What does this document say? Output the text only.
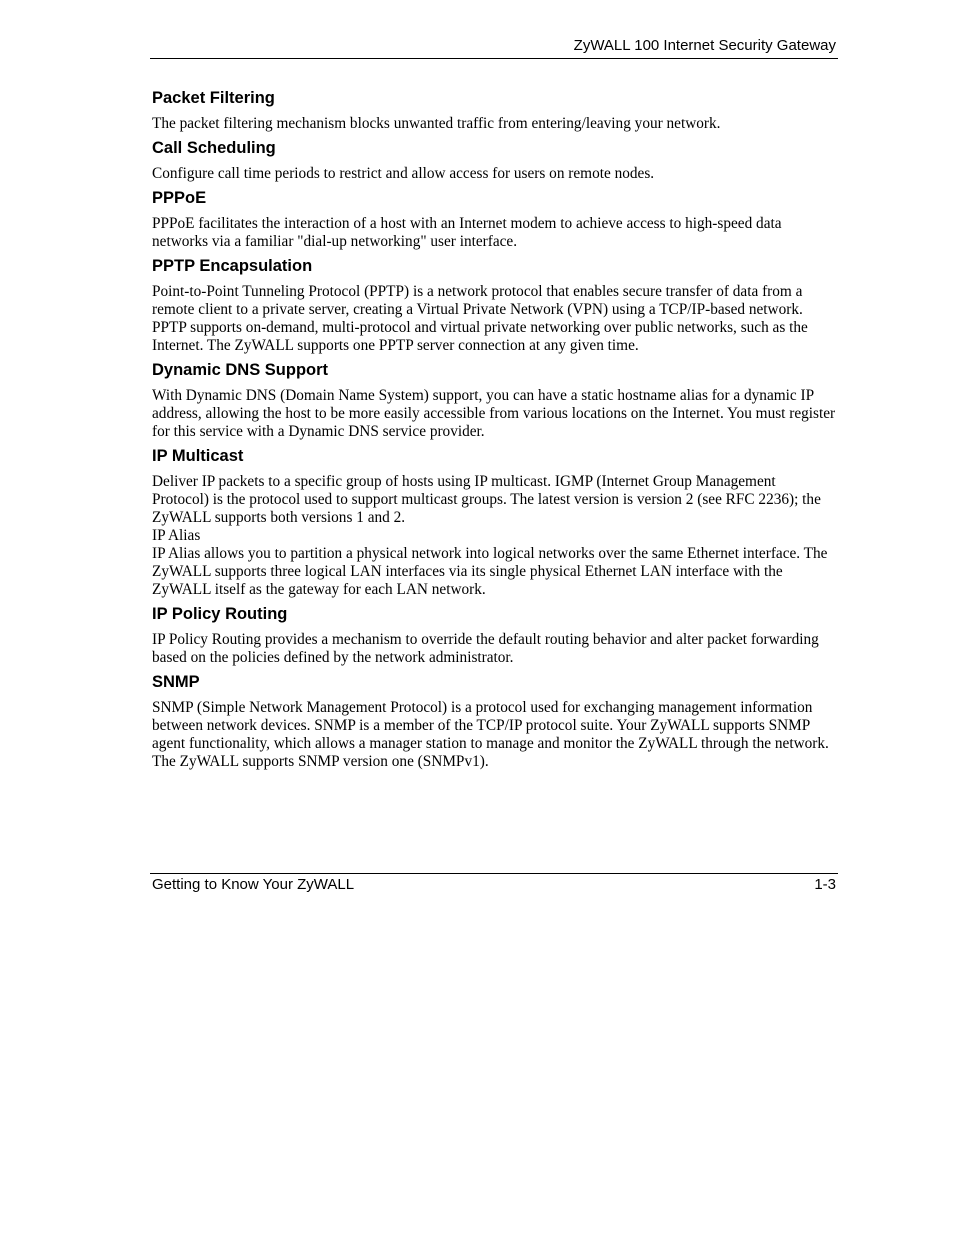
ZyWALL 100 Internet Security Gateway
Packet Filtering

The packet filtering mechanism blocks unwanted traffic from entering/leaving your network.

Call Scheduling

Configure call time periods to restrict and allow access for users on remote nodes.

PPPoE

PPPoE facilitates the interaction of a host with an Internet modem to achieve access to high-speed data networks via a familiar "dial-up networking" user interface.

PPTP Encapsulation

Point-to-Point Tunneling Protocol (PPTP) is a network protocol that enables secure transfer of data from a remote client to a private server, creating a Virtual Private Network (VPN) using a TCP/IP-based network. PPTP supports on-demand, multi-protocol and virtual private networking over public networks, such as the Internet. The ZyWALL supports one PPTP server connection at any given time.

Dynamic DNS Support

With Dynamic DNS (Domain Name System) support, you can have a static hostname alias for a dynamic IP address, allowing the host to be more easily accessible from various locations on the Internet. You must register for this service with a Dynamic DNS service provider.

IP Multicast

Deliver IP packets to a specific group of hosts using IP multicast. IGMP (Internet Group Management Protocol) is the protocol used to support multicast groups. The latest version is version 2 (see RFC 2236); the ZyWALL supports both versions 1 and 2.

IP Alias

IP Alias allows you to partition a physical network into logical networks over the same Ethernet interface. The ZyWALL supports three logical LAN interfaces via its single physical Ethernet LAN interface with the ZyWALL itself as the gateway for each LAN network.

IP Policy Routing

IP Policy Routing provides a mechanism to override the default routing behavior and alter packet forwarding based on the policies defined by the network administrator.

SNMP

SNMP (Simple Network Management Protocol) is a protocol used for exchanging management information between network devices. SNMP is a member of the TCP/IP protocol suite. Your ZyWALL supports SNMP agent functionality, which allows a manager station to manage and monitor the ZyWALL through the network. The ZyWALL supports SNMP version one (SNMPv1).

Getting to Know Your ZyWALL	1-3
